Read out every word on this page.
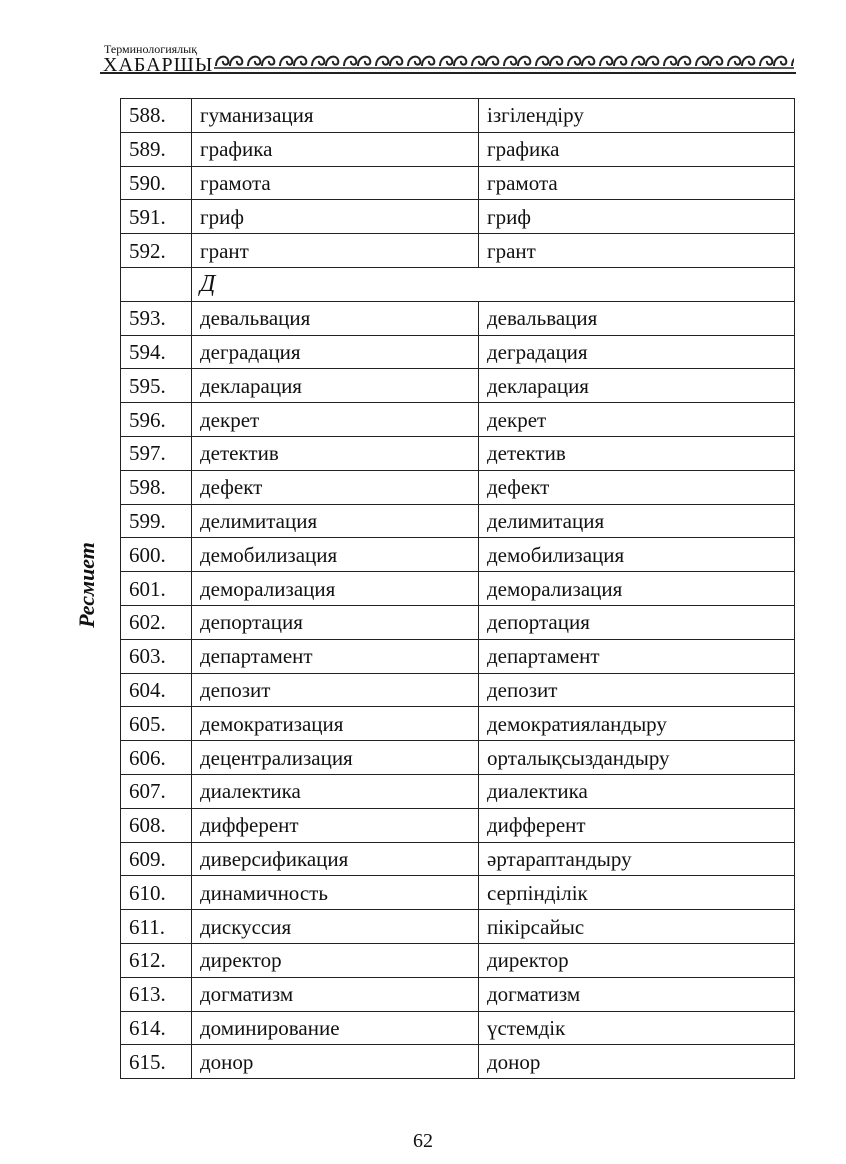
Терминологиялық
ХАБАРШЫ
Ресмиет
588.	гуманизация	ізгілендіру
589.	графика	графика
590.	грамота	грамота
591.	гриф	гриф
592.	грант	грант
	Д	
593.	девальвация	девальвация
594.	деградация	деградация
595.	декларация	декларация
596.	декрет	декрет
597.	детектив	детектив
598.	дефект	дефект
599.	делимитация	делимитация
600.	демобилизация	демобилизация
601.	деморализация	деморализация
602.	депортация	депортация
603.	департамент	департамент
604.	депозит	депозит
605.	демократизация	демократияландыру
606.	децентрализация	орталықсыздандыру
607.	диалектика	диалектика
608.	дифферент	дифферент
609.	диверсификация	әртараптандыру
610.	динамичность	серпінділік
611.	дискуссия	пікірсайыс
612.	директор	директор
613.	догматизм	догматизм
614.	доминирование	үстемдік
615.	донор	донор
62
